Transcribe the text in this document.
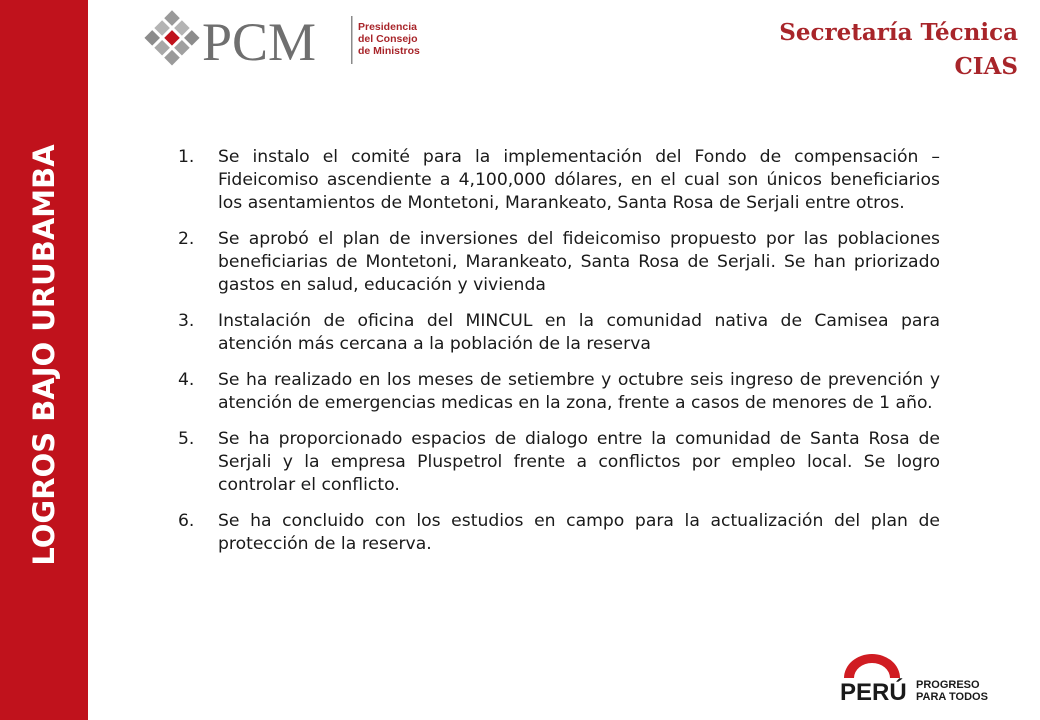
LOGROS BAJO URUBAMBA
PCM	Presidencia
del Consejo
de Ministros
Secretaría Técnica
CIAS
1. Se instalo el comité para la implementación del Fondo de compensación – Fideicomiso ascendiente a 4,100,000 dólares, en el cual son únicos beneficiarios los asentamientos de Montetoni, Marankeato, Santa Rosa de Serjali entre otros.
2. Se aprobó el plan de inversiones del fideicomiso propuesto por las poblaciones beneficiarias de Montetoni, Marankeato, Santa Rosa de Serjali. Se han priorizado gastos en salud, educación y vivienda
3. Instalación de oficina del MINCUL en la comunidad nativa de Camisea para atención más cercana a la población de la reserva
4. Se ha realizado en los meses de setiembre y octubre seis ingreso de prevención y atención de emergencias medicas en la zona, frente a casos de menores de 1 año.
5. Se ha proporcionado espacios de dialogo entre la comunidad de Santa Rosa de Serjali y la empresa Pluspetrol frente a conflictos por empleo local. Se logro controlar el conflicto.
6. Se ha concluido con los estudios en campo para la actualización del plan de protección de la reserva.
PERÚ PROGRESO
PARA TODOS
